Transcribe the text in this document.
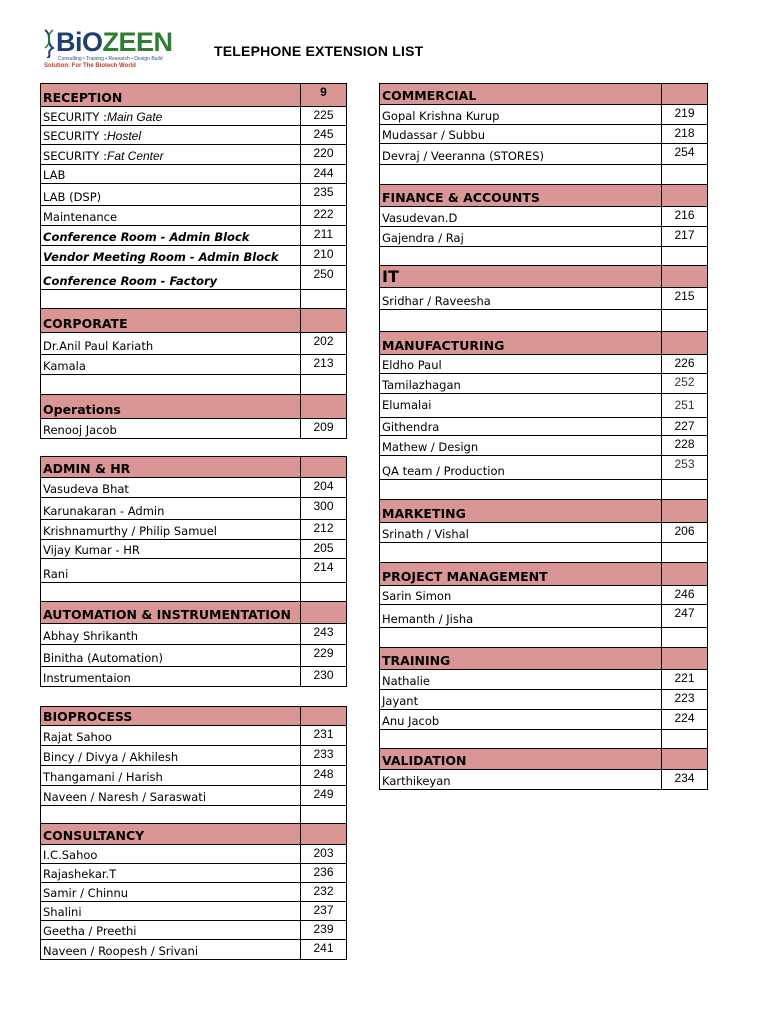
BiOZEEN
Consulting • Training • Research • Design Build
Solution: For The Biotech World
TELEPHONE EXTENSION LIST
RECEPTION	9
SECURITY : Main Gate	225
SECURITY : Hostel	245
SECURITY : Fat Center	220
LAB	244
LAB (DSP)	235
Maintenance	222
Conference Room - Admin Block	211
Vendor Meeting Room - Admin Block	210
Conference Room - Factory	250
CORPORATE
Dr.Anil Paul Kariath	202
Kamala	213
Operations
Renooj Jacob	209
ADMIN & HR
Vasudeva Bhat	204
Karunakaran - Admin	300
Krishnamurthy / Philip Samuel	212
Vijay Kumar - HR	205
Rani	214
AUTOMATION & INSTRUMENTATION
Abhay Shrikanth	243
Binitha (Automation)	229
Instrumentaion	230
BIOPROCESS
Rajat Sahoo	231
Bincy / Divya / Akhilesh	233
Thangamani / Harish	248
Naveen / Naresh / Saraswati	249
CONSULTANCY
I.C.Sahoo	203
Rajashekar.T	236
Samir / Chinnu	232
Shalini	237
Geetha / Preethi	239
Naveen / Roopesh / Srivani	241
COMMERCIAL
Gopal Krishna Kurup	219
Mudassar / Subbu	218
Devraj / Veeranna (STORES)	254
FINANCE & ACCOUNTS
Vasudevan.D	216
Gajendra / Raj	217
IT
Sridhar / Raveesha	215
MANUFACTURING
Eldho Paul	226
Tamilazhagan	252
Elumalai	251
Githendra	227
Mathew / Design	228
QA team / Production	253
MARKETING
Srinath / Vishal	206
PROJECT MANAGEMENT
Sarin Simon	246
Hemanth / Jisha	247
TRAINING
Nathalie	221
Jayant	223
Anu Jacob	224
VALIDATION
Karthikeyan	234
